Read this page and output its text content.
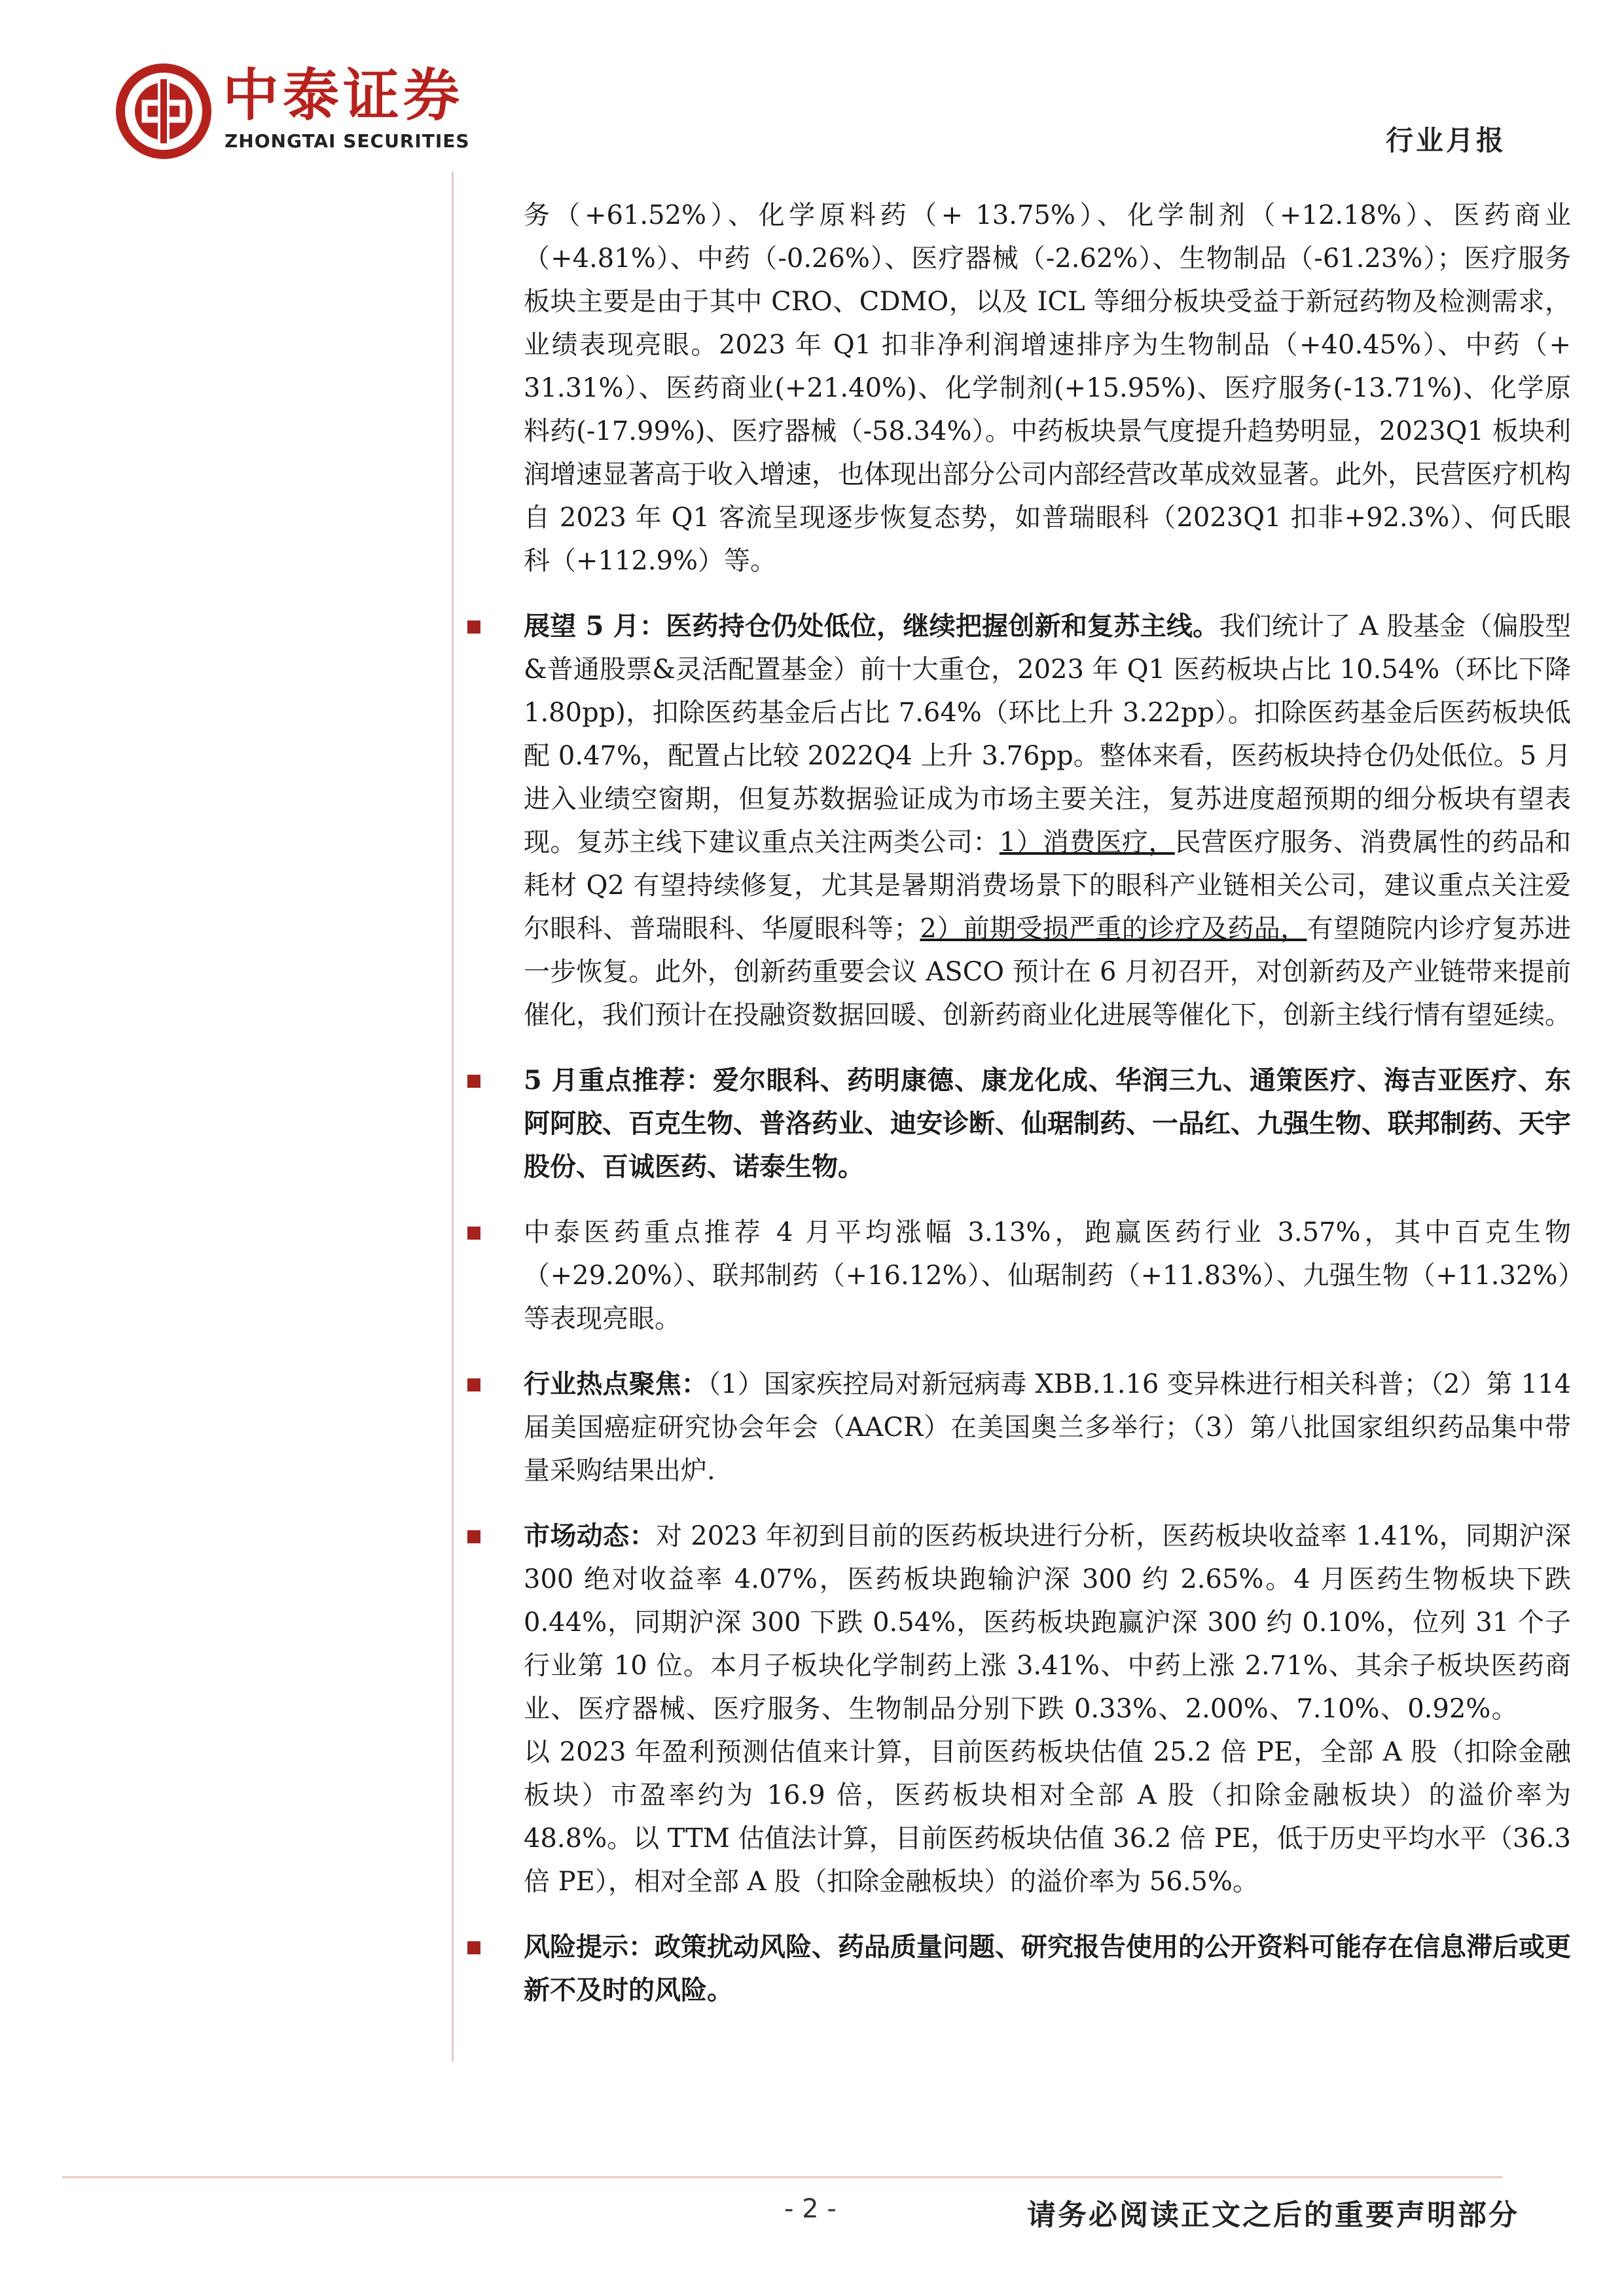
中泰证券
ZHONGTAI SECURITIES	行业月报

务（+61.52%）、化学原料药（+ 13.75%）、化学制剂（+12.18%）、医药商业（+4.81%）、中药（-0.26%）、医疗器械（-2.62%）、生物制品（-61.23%）；医疗服务板块主要是由于其中 CRO、CDMO，以及 ICL 等细分板块受益于新冠药物及检测需求，业绩表现亮眼。2023 年 Q1 扣非净利润增速排序为生物制品（+40.45%）、中药（+ 31.31%）、医药商业(+21.40%)、化学制剂(+15.95%)、医疗服务(-13.71%)、化学原料药(-17.99%)、医疗器械（-58.34%）。中药板块景气度提升趋势明显，2023Q1 板块利润增速显著高于收入增速，也体现出部分公司内部经营改革成效显著。此外，民营医疗机构自 2023 年 Q1 客流呈现逐步恢复态势，如普瑞眼科（2023Q1 扣非+92.3%）、何氏眼科（+112.9%）等。

展望 5 月：医药持仓仍处低位，继续把握创新和复苏主线。我们统计了 A 股基金（偏股型&普通股票&灵活配置基金）前十大重仓，2023 年 Q1 医药板块占比 10.54%（环比下降 1.80pp)，扣除医药基金后占比 7.64%（环比上升 3.22pp）。扣除医药基金后医药板块低配 0.47%，配置占比较 2022Q4 上升 3.76pp。整体来看，医药板块持仓仍处低位。5 月进入业绩空窗期，但复苏数据验证成为市场主要关注，复苏进度超预期的细分板块有望表现。复苏主线下建议重点关注两类公司：1）消费医疗，民营医疗服务、消费属性的药品和耗材 Q2 有望持续修复，尤其是暑期消费场景下的眼科产业链相关公司，建议重点关注爱尔眼科、普瑞眼科、华厦眼科等；2）前期受损严重的诊疗及药品，有望随院内诊疗复苏进一步恢复。此外，创新药重要会议 ASCO 预计在 6 月初召开，对创新药及产业链带来提前催化，我们预计在投融资数据回暖、创新药商业化进展等催化下，创新主线行情有望延续。

5 月重点推荐：爱尔眼科、药明康德、康龙化成、华润三九、通策医疗、海吉亚医疗、东阿阿胶、百克生物、普洛药业、迪安诊断、仙琚制药、一品红、九强生物、联邦制药、天宇股份、百诚医药、诺泰生物。

中泰医药重点推荐 4 月平均涨幅 3.13%，跑赢医药行业 3.57%，其中百克生物（+29.20%）、联邦制药（+16.12%）、仙琚制药（+11.83%）、九强生物（+11.32%）等表现亮眼。

行业热点聚焦：（1）国家疾控局对新冠病毒 XBB.1.16 变异株进行相关科普；（2）第 114 届美国癌症研究协会年会（AACR）在美国奥兰多举行；（3）第八批国家组织药品集中带量采购结果出炉.

市场动态：对 2023 年初到目前的医药板块进行分析，医药板块收益率 1.41%，同期沪深 300 绝对收益率 4.07%，医药板块跑输沪深 300 约 2.65%。4 月医药生物板块下跌 0.44%，同期沪深 300 下跌 0.54%，医药板块跑赢沪深 300 约 0.10%，位列 31 个子行业第 10 位。本月子板块化学制药上涨 3.41%、中药上涨 2.71%、其余子板块医药商业、医疗器械、医疗服务、生物制品分别下跌 0.33%、2.00%、7.10%、0.92%。  以 2023 年盈利预测估值来计算，目前医药板块估值 25.2 倍 PE，全部 A 股（扣除金融板块）市盈率约为 16.9 倍，医药板块相对全部 A 股（扣除金融板块）的溢价率为 48.8%。以 TTM 估值法计算，目前医药板块估值 36.2 倍 PE，低于历史平均水平（36.3 倍 PE），相对全部 A 股（扣除金融板块）的溢价率为 56.5%。

风险提示：政策扰动风险、药品质量问题、研究报告使用的公开资料可能存在信息滞后或更新不及时的风险。

- 2 -	请务必阅读正文之后的重要声明部分
